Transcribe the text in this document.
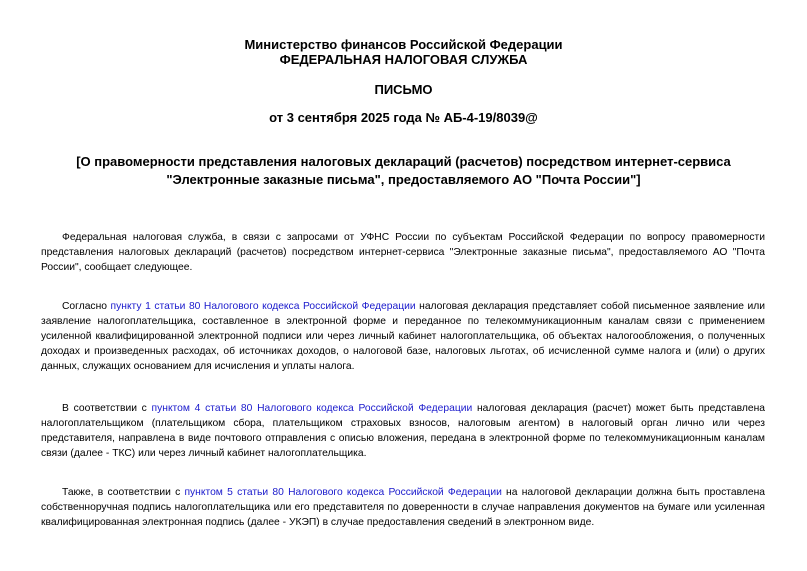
Министерство финансов Российской Федерации
ФЕДЕРАЛЬНАЯ НАЛОГОВАЯ СЛУЖБА
ПИСЬМО
от 3 сентября 2025 года № АБ-4-19/8039@
[О правомерности представления налоговых деклараций (расчетов) посредством интернет-сервиса
"Электронные заказные письма", предоставляемого АО "Почта России"]

Федеральная налоговая служба, в связи с запросами от УФНС России по субъектам Российской Федерации по вопросу правомерности представления налоговых деклараций (расчетов) посредством интернет-сервиса "Электронные заказные письма", предоставляемого АО "Почта России", сообщает следующее.

Согласно пункту 1 статьи 80 Налогового кодекса Российской Федерации налоговая декларация представляет собой письменное заявление или заявление налогоплательщика, составленное в электронной форме и переданное по телекоммуникационным каналам связи с применением усиленной квалифицированной электронной подписи или через личный кабинет налогоплательщика, об объектах налогообложения, о полученных доходах и произведенных расходах, об источниках доходов, о налоговой базе, налоговых льготах, об исчисленной сумме налога и (или) о других данных, служащих основанием для исчисления и уплаты налога.

В соответствии с пунктом 4 статьи 80 Налогового кодекса Российской Федерации налоговая декларация (расчет) может быть представлена налогоплательщиком (плательщиком сбора, плательщиком страховых взносов, налоговым агентом) в налоговый орган лично или через представителя, направлена в виде почтового отправления с описью вложения, передана в электронной форме по телекоммуникационным каналам связи (далее - ТКС) или через личный кабинет налогоплательщика.

Также, в соответствии с пунктом 5 статьи 80 Налогового кодекса Российской Федерации на налоговой декларации должна быть проставлена собственноручная подпись налогоплательщика или его представителя по доверенности в случае направления документов на бумаге или усиленная квалифицированная электронная подпись (далее - УКЭП) в случае предоставления сведений в электронном виде.
